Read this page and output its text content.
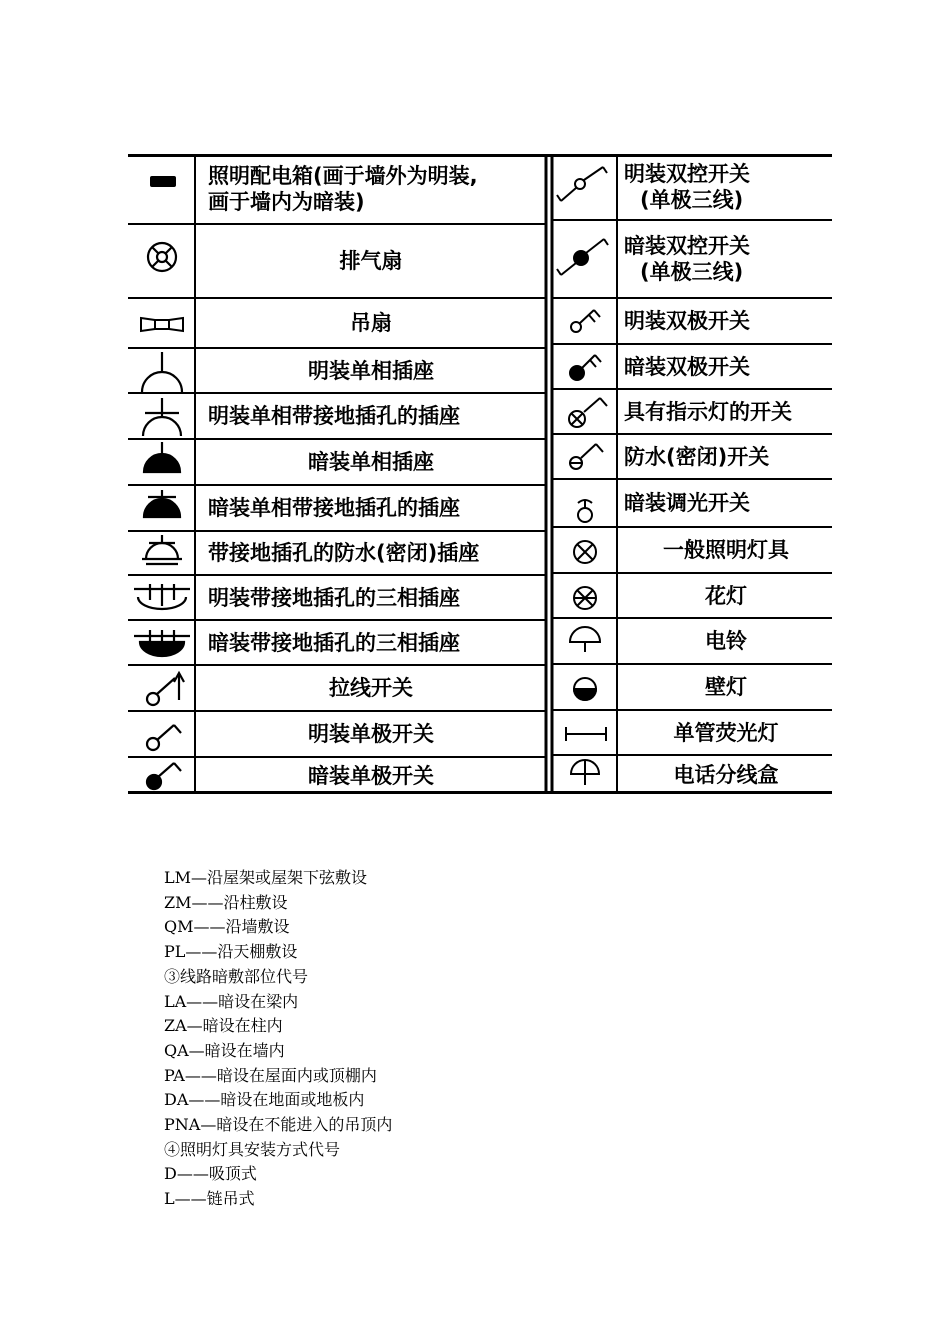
照明配电箱(画于墙外为明装,
画于墙内为暗装)
排气扇
吊扇
明装单相插座
明装单相带接地插孔的插座
暗装单相插座
暗装单相带接地插孔的插座
带接地插孔的防水(密闭)插座
明装带接地插孔的三相插座
暗装带接地插孔的三相插座
拉线开关
明装单极开关
暗装单极开关
明装双控开关
(单极三线)
暗装双控开关
(单极三线)
明装双极开关
暗装双极开关
具有指示灯的开关
防水(密闭)开关
暗装调光开关
一般照明灯具
花灯
电铃
壁灯
单管荧光灯
电话分线盒
LM—沿屋架或屋架下弦敷设
ZM——沿柱敷设
QM——沿墙敷设
PL——沿天棚敷设
③线路暗敷部位代号
LA——暗设在梁内
ZA—暗设在柱内
QA—暗设在墙内
PA——暗设在屋面内或顶棚内
DA——暗设在地面或地板内
PNA—暗设在不能进入的吊顶内
④照明灯具安装方式代号
D——吸顶式
L——链吊式
